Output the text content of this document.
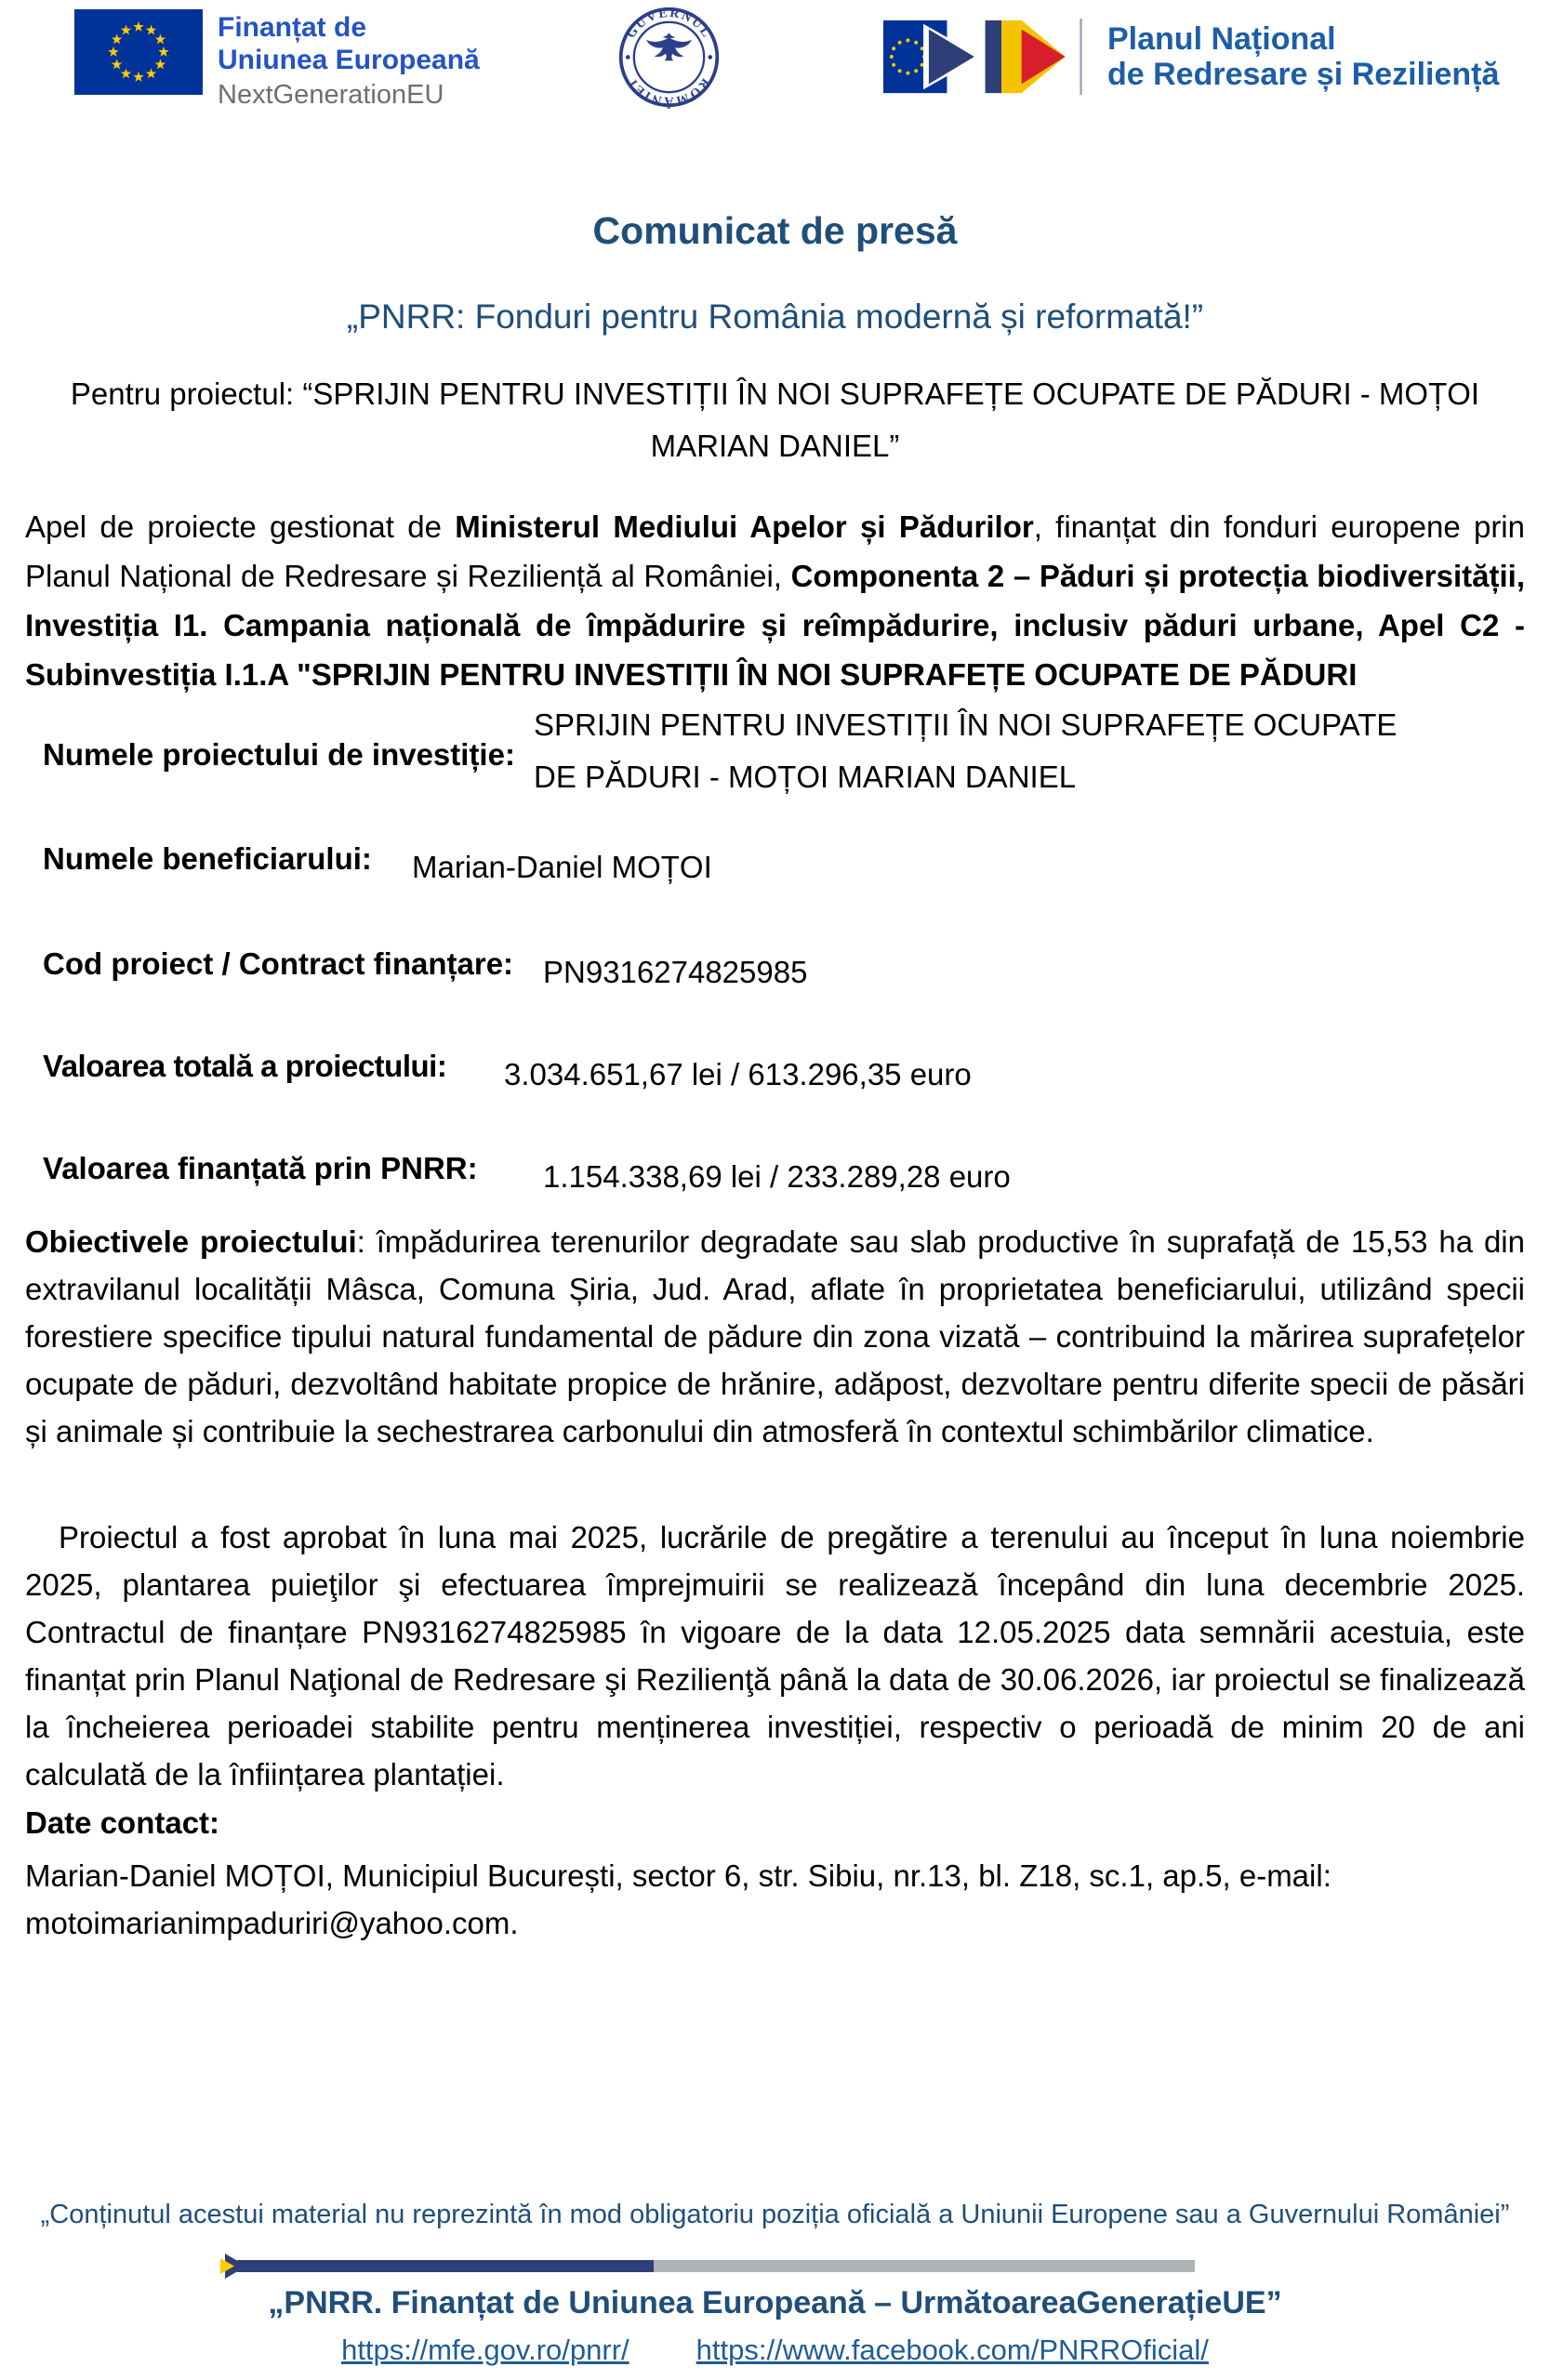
Finanțat de
Uniunea Europeană
NextGenerationEU
GUVERNUL
ROMÂNIEI
Planul Național
de Redresare și Reziliență
Comunicat de presă
„PNRR: Fonduri pentru România modernă și reformată!”
Pentru proiectul: “SPRIJIN PENTRU INVESTIȚII ÎN NOI SUPRAFEȚE OCUPATE DE PĂDURI - MOȚOI MARIAN DANIEL”
Apel de proiecte gestionat de Ministerul Mediului Apelor și Pădurilor, finanțat din fonduri europene prin Planul Național de Redresare și Reziliență al României, Componenta 2 – Păduri și protecția biodiversității, Investiția I1. Campania națională de împădurire și reîmpădurire, inclusiv păduri urbane, Apel C2 - Subinvestiția I.1.A "SPRIJIN PENTRU INVESTIȚII ÎN NOI SUPRAFEȚE OCUPATE DE PĂDURI
Numele proiectului de investiție:
SPRIJIN PENTRU INVESTIȚII ÎN NOI SUPRAFEȚE OCUPATE DE PĂDURI - MOȚOI MARIAN DANIEL
Numele beneficiarului: Marian-Daniel MOȚOI
Cod proiect / Contract finanțare: PN9316274825985
Valoarea totală a proiectului: 3.034.651,67 lei / 613.296,35 euro
Valoarea finanțată prin PNRR: 1.154.338,69 lei / 233.289,28 euro
Obiectivele proiectului: împădurirea terenurilor degradate sau slab productive în suprafață de 15,53 ha din extravilanul localității Mâsca, Comuna Șiria, Jud. Arad, aflate în proprietatea beneficiarului, utilizând specii forestiere specifice tipului natural fundamental de pădure din zona vizată – contribuind la mărirea suprafețelor ocupate de păduri, dezvoltând habitate propice de hrănire, adăpost, dezvoltare pentru diferite specii de păsări și animale și contribuie la sechestrarea carbonului din atmosferă în contextul schimbărilor climatice.
Proiectul a fost aprobat în luna mai 2025, lucrările de pregătire a terenului au început în luna noiembrie 2025, plantarea puieţilor şi efectuarea împrejmuirii se realizează începând din luna decembrie 2025. Contractul de finanțare PN9316274825985 în vigoare de la data 12.05.2025 data semnării acestuia, este finanțat prin Planul Naţional de Redresare şi Rezilienţă până la data de 30.06.2026, iar proiectul se finalizează la încheierea perioadei stabilite pentru menținerea investiției, respectiv o perioadă de minim 20 de ani calculată de la înființarea plantației.
Date contact:
Marian-Daniel MOȚOI, Municipiul București, sector 6, str. Sibiu, nr.13, bl. Z18, sc.1, ap.5, e-mail: motoimarianimpaduriri@yahoo.com.
„Conținutul acestui material nu reprezintă în mod obligatoriu poziția oficială a Uniunii Europene sau a Guvernului României”
„PNRR. Finanțat de Uniunea Europeană – UrmătoareaGenerațieUE”
https://mfe.gov.ro/pnrr/ https://www.facebook.com/PNRROficial/
